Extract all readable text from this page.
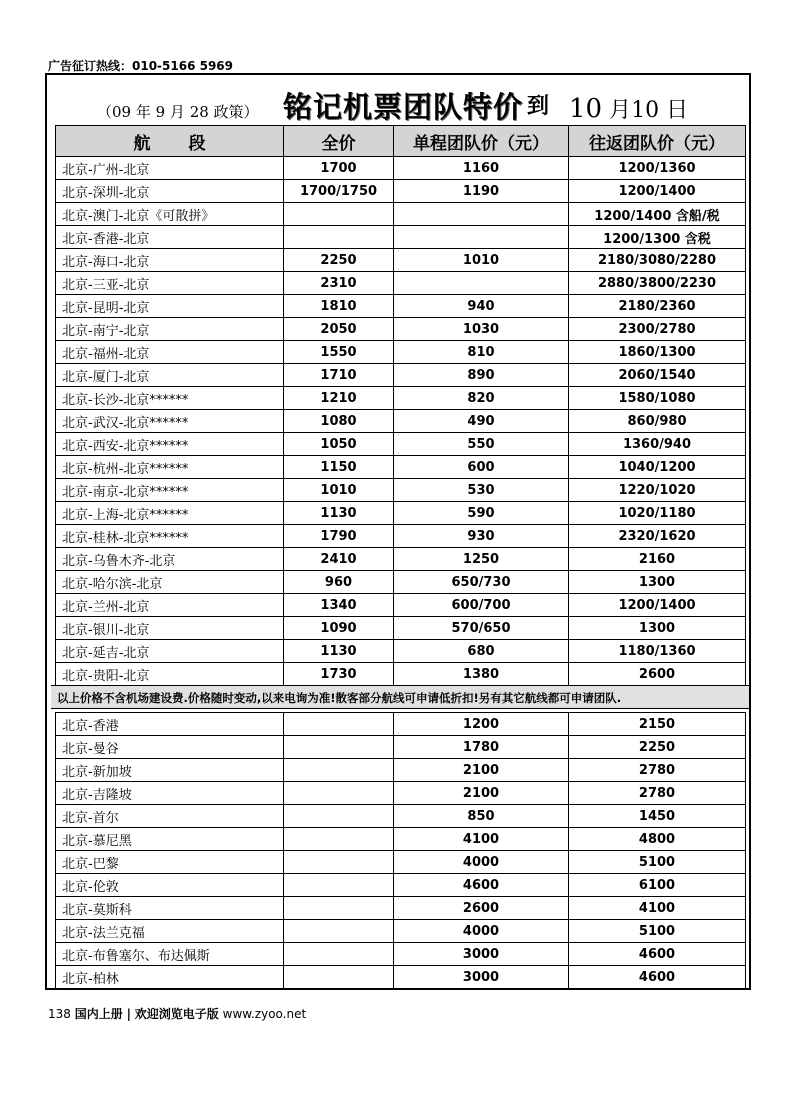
广告征订热线：010-5166 5969
（09 年 9 月 28 政策） 铭记机票团队特价 到 10 月10 日
航段	全价	单程团队价（元）	往返团队价（元）
北京-广州-北京	1700	1160	1200/1360
北京-深圳-北京	1700/1750	1190	1200/1400
北京-澳门-北京《可散拼》			1200/1400 含船/税
北京-香港-北京			1200/1300 含税
北京-海口-北京	2250	1010	2180/3080/2280
北京-三亚-北京	2310		2880/3800/2230
北京-昆明-北京	1810	940	2180/2360
北京-南宁-北京	2050	1030	2300/2780
北京-福州-北京	1550	810	1860/1300
北京-厦门-北京	1710	890	2060/1540
北京-长沙-北京******	1210	820	1580/1080
北京-武汉-北京******	1080	490	860/980
北京-西安-北京******	1050	550	1360/940
北京-杭州-北京******	1150	600	1040/1200
北京-南京-北京******	1010	530	1220/1020
北京-上海-北京******	1130	590	1020/1180
北京-桂林-北京******	1790	930	2320/1620
北京-乌鲁木齐-北京	2410	1250	2160
北京-哈尔滨-北京	960	650/730	1300
北京-兰州-北京	1340	600/700	1200/1400
北京-银川-北京	1090	570/650	1300
北京-延吉-北京	1130	680	1180/1360
北京-贵阳-北京	1730	1380	2600
以上价格不含机场建设费.价格随时变动,以来电询为准!散客部分航线可申请低折扣!另有其它航线都可申请团队.
北京-香港		1200	2150
北京-曼谷		1780	2250
北京-新加坡		2100	2780
北京-吉隆坡		2100	2780
北京-首尔		850	1450
北京-慕尼黑		4100	4800
北京-巴黎		4000	5100
北京-伦敦		4600	6100
北京-莫斯科		2600	4100
北京-法兰克福		4000	5100
北京-布鲁塞尔、布达佩斯		3000	4600
北京-柏林		3000	4600
138 国内上册 | 欢迎浏览电子版 www.zyoo.net
